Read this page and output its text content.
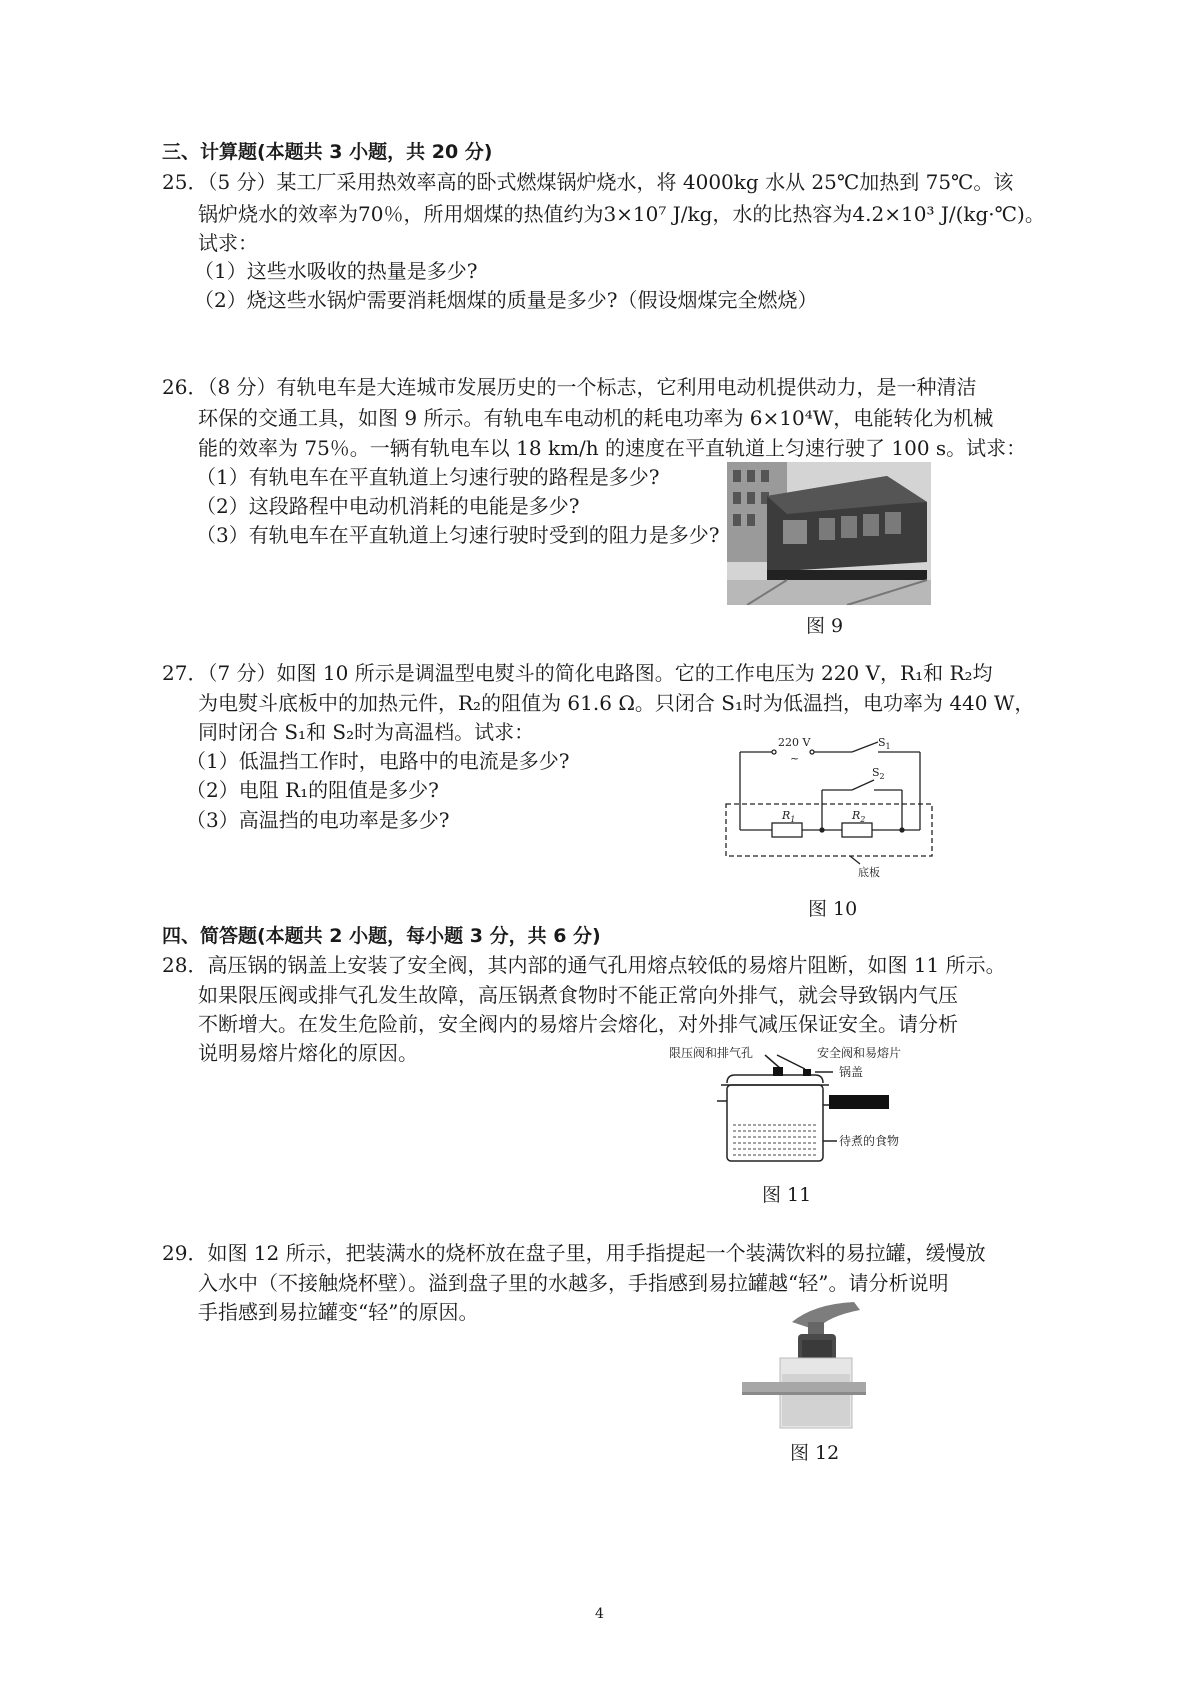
三、计算题(本题共 3 小题，共 20 分)
25．（5 分）某工厂采用热效率高的卧式燃煤锅炉烧水，将 4000kg 水从 25℃加热到 75℃。该
锅炉烧水的效率为70％，所用烟煤的热值约为3×10⁷ J/kg，水的比热容为4.2×10³ J/(kg·℃)。
试求：
（1）这些水吸收的热量是多少?
（2）烧这些水锅炉需要消耗烟煤的质量是多少?（假设烟煤完全燃烧）
26．（8 分）有轨电车是大连城市发展历史的一个标志，它利用电动机提供动力，是一种清洁
环保的交通工具，如图 9 所示。有轨电车电动机的耗电功率为 6×10⁴W，电能转化为机械
能的效率为 75％。一辆有轨电车以 18 km/h 的速度在平直轨道上匀速行驶了 100 s。试求：
（1）有轨电车在平直轨道上匀速行驶的路程是多少?
（2）这段路程中电动机消耗的电能是多少?
（3）有轨电车在平直轨道上匀速行驶时受到的阻力是多少?
图 9
27．（7 分）如图 10 所示是调温型电熨斗的简化电路图。它的工作电压为 220 V，R₁和 R₂均
为电熨斗底板中的加热元件，R₂的阻值为 61.6 Ω。只闭合 S₁时为低温挡，电功率为 440 W，
同时闭合 S₁和 S₂时为高温档。试求：
（1）低温挡工作时，电路中的电流是多少?
（2）电阻 R₁的阻值是多少?
（3）高温挡的电功率是多少?
220 V
~
$S_1$
$S_2$
$R_1$	$R_2$
底板
图 10
四、简答题(本题共 2 小题，每小题 3 分，共 6 分)
28．高压锅的锅盖上安装了安全阀，其内部的通气孔用熔点较低的易熔片阻断，如图 11 所示。
如果限压阀或排气孔发生故障，高压锅煮食物时不能正常向外排气，就会导致锅内气压
不断增大。在发生危险前，安全阀内的易熔片会熔化，对外排气减压保证安全。请分析
说明易熔片熔化的原因。	限压阀和排气孔	安全阀和易熔片
锅盖
待煮的食物
图 11
29．如图 12 所示，把装满水的烧杯放在盘子里，用手指提起一个装满饮料的易拉罐，缓慢放
入水中（不接触烧杯壁）。溢到盘子里的水越多，手指感到易拉罐越“轻”。请分析说明
手指感到易拉罐变“轻”的原因。
图 12
4
